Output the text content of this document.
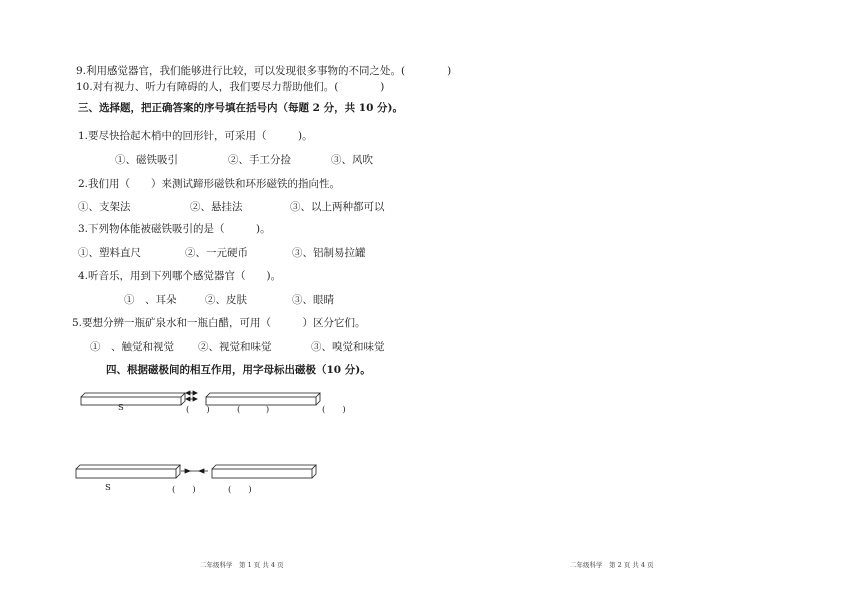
9.利用感觉器官，我们能够进行比较，可以发现很多事物的不同之处。(　　　　)
10.对有视力、听力有障碍的人，我们要尽力帮助他们。(　　　　)
三、选择题，把正确答案的序号填在括号内（每题 2 分，共 10 分)。
1.要尽快拾起木梢中的回形针，可采用（　　　)。
①、磁铁吸引	②、手工分捡	③、风吹
2.我们用（　　）来测试蹄形磁铁和环形磁铁的指向性。
①、支架法	②、悬挂法	③、以上两种都可以
3.下列物体能被磁铁吸引的是（　　　)。
①、塑料直尺	②、一元硬币	③、铝制易拉罐
4.听音乐，用到下列哪个感觉器官（　　)。
①　、耳朵	②、皮肤	③、眼睛
5.要想分辨一瓶矿泉水和一瓶白醋，可用（　　　）区分它们。
①　、触觉和视觉 ②、视觉和味觉	③、嗅觉和味觉
四、根据磁极间的相互作用，用字母标出磁极（10 分)。
S	(　　)	(　　　)	(　　)
S	(　　)	(　　)
二年级科学　第 1 页 共 4 页	二年级科学　第 2 页 共 4 页
